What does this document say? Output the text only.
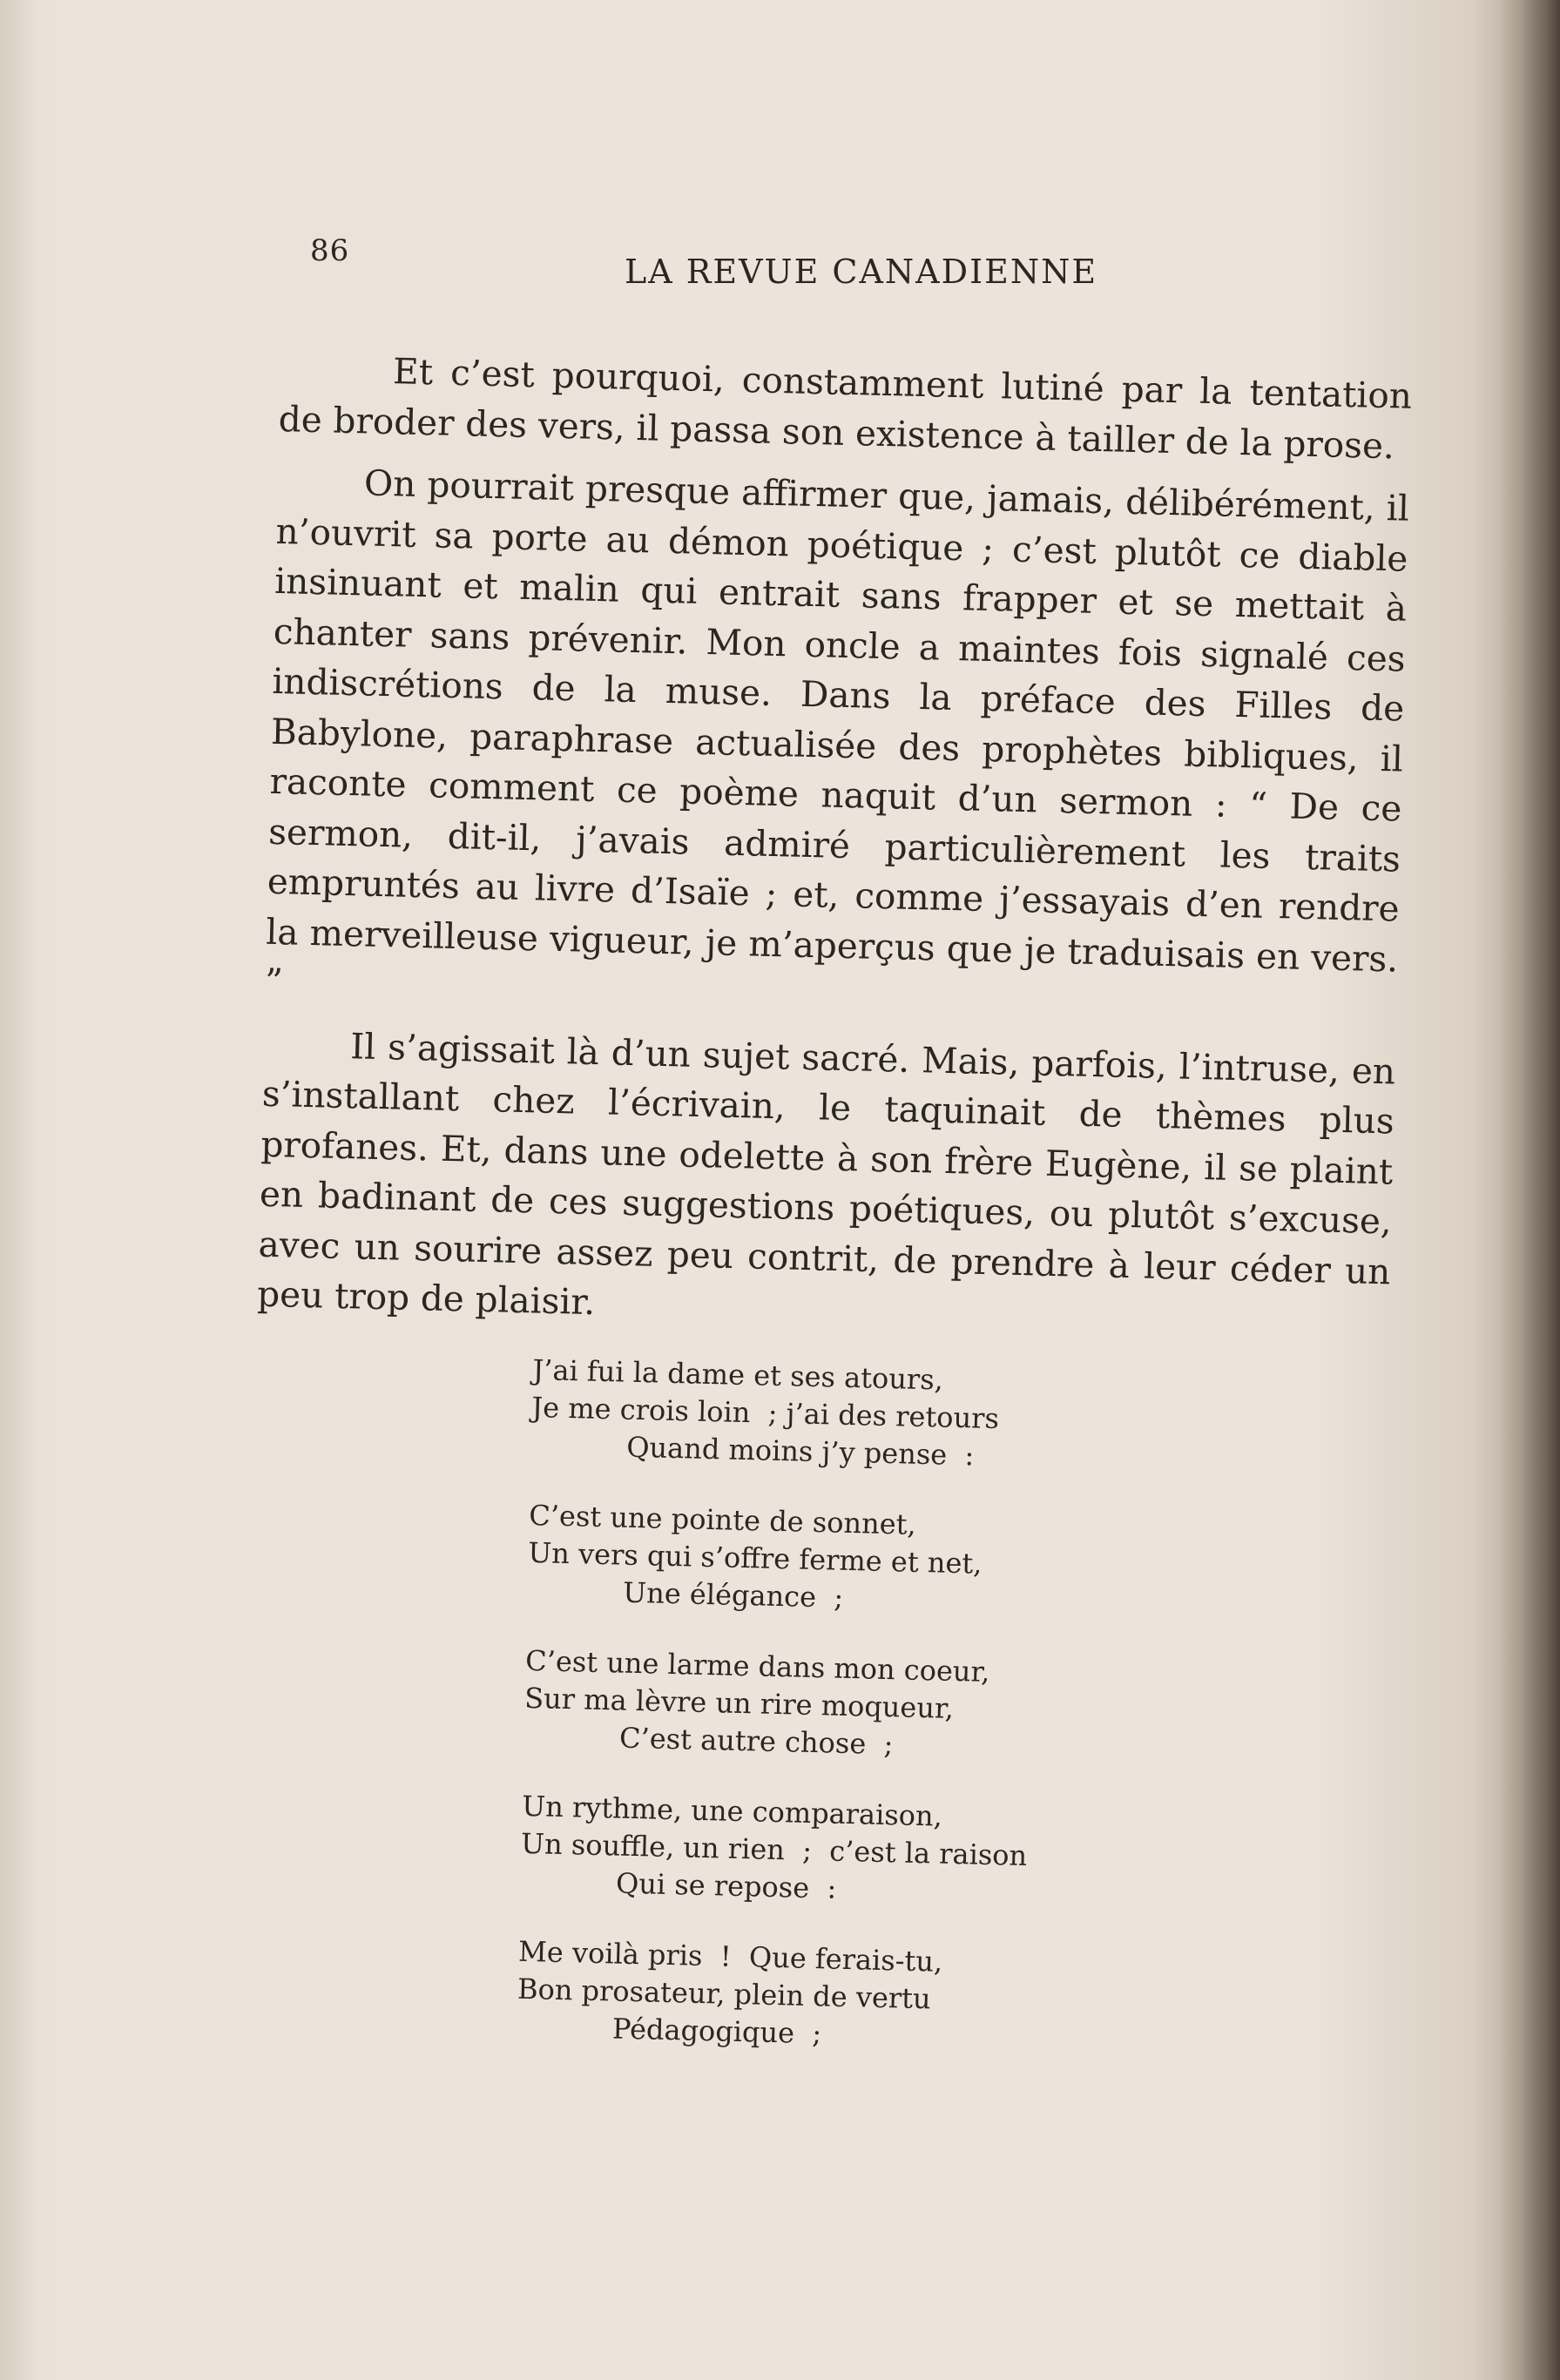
86
LA REVUE CANADIENNE

Et c’est pourquoi, constamment lutiné par la tentation de broder des vers, il passa son existence à tailler de la prose.

On pourrait presque affirmer que, jamais, délibérément, il n’ouvrit sa porte au démon poétique ; c’est plutôt ce diable insinuant et malin qui entrait sans frapper et se mettait à chanter sans prévenir. Mon oncle a maintes fois signalé ces indiscrétions de la muse. Dans la préface des Filles de Babylone, paraphrase actualisée des prophètes bibliques, il raconte comment ce poème naquit d’un sermon : “ De ce sermon, dit-il, j’avais admiré particulièrement les traits empruntés au livre d’Isaïe ; et, comme j’essayais d’en rendre la merveilleuse vigueur, je m’aperçus que je traduisais en vers. ”

Il s’agissait là d’un sujet sacré. Mais, parfois, l’intruse, en s’installant chez l’écrivain, le taquinait de thèmes plus profanes. Et, dans une odelette à son frère Eugène, il se plaint en badinant de ces suggestions poétiques, ou plutôt s’excuse, avec un sourire assez peu contrit, de prendre à leur céder un peu trop de plaisir.

J’ai fui la dame et ses atours,
Je me crois loin  ; j’ai des retours
Quand moins j’y pense  :
C’est une pointe de sonnet,
Un vers qui s’offre ferme et net,
Une élégance  ;
C’est une larme dans mon coeur,
Sur ma lèvre un rire moqueur,
C’est autre chose  ;
Un rythme, une comparaison,
Un souffle, un rien  ;  c’est la raison
Qui se repose  :
Me voilà pris  !  Que ferais-tu,
Bon prosateur, plein de vertu
Pédagogique  ;
